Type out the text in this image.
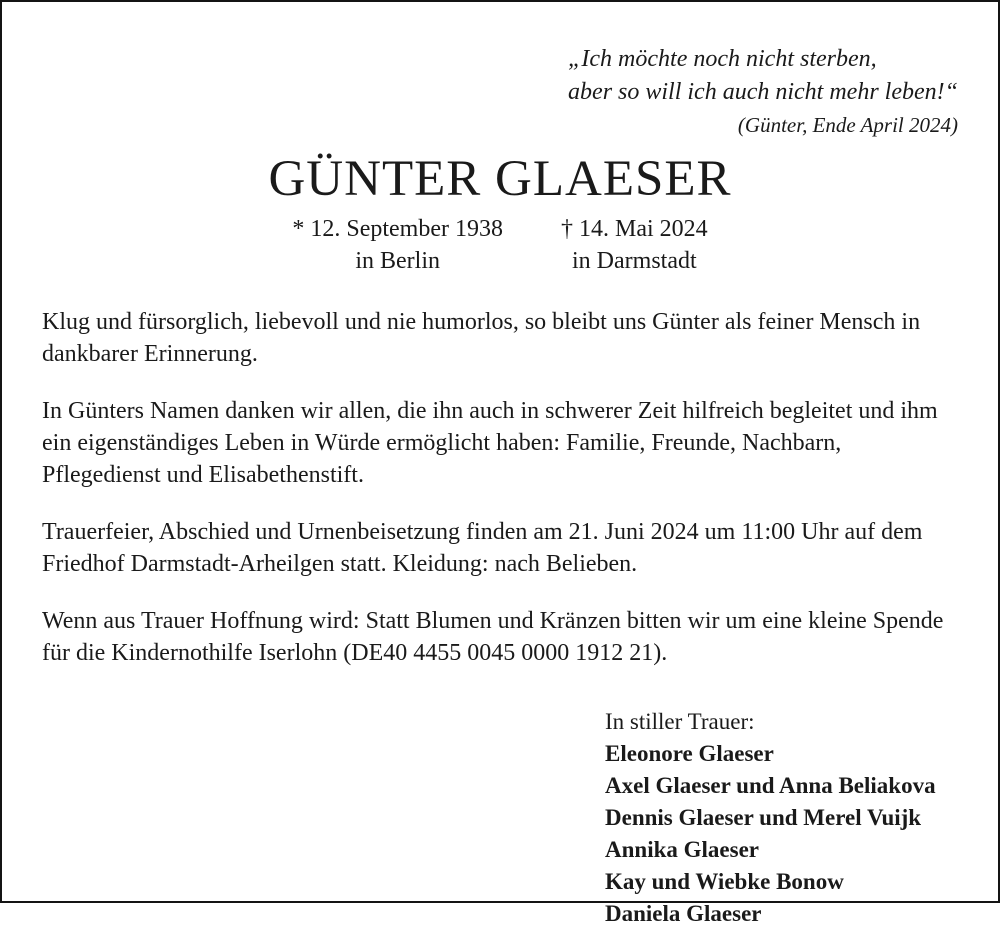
„Ich möchte noch nicht sterben,
aber so will ich auch nicht mehr leben!“
(Günter, Ende April 2024)
GÜNTER GLAESER
* 12. September 1938
in Berlin
† 14. Mai 2024
in Darmstadt

Klug und fürsorglich, liebevoll und nie humorlos, so bleibt uns Günter als feiner Mensch in dankbarer Erinnerung.

In Günters Namen danken wir allen, die ihn auch in schwerer Zeit hilfreich begleitet und ihm ein eigenständiges Leben in Würde ermöglicht haben: Familie, Freunde, Nachbarn, Pflegedienst und Elisabethenstift.

Trauerfeier, Abschied und Urnenbeisetzung finden am 21. Juni 2024 um 11:00 Uhr auf dem Friedhof Darmstadt-Arheilgen statt. Kleidung: nach Belieben.

Wenn aus Trauer Hoffnung wird: Statt Blumen und Kränzen bitten wir um eine kleine Spende für die Kindernothilfe Iserlohn (DE40 4455 0045 0000 1912 21).

In stiller Trauer:
Eleonore Glaeser
Axel Glaeser und Anna Beliakova
Dennis Glaeser und Merel Vuijk
Annika Glaeser
Kay und Wiebke Bonow
Daniela Glaeser
